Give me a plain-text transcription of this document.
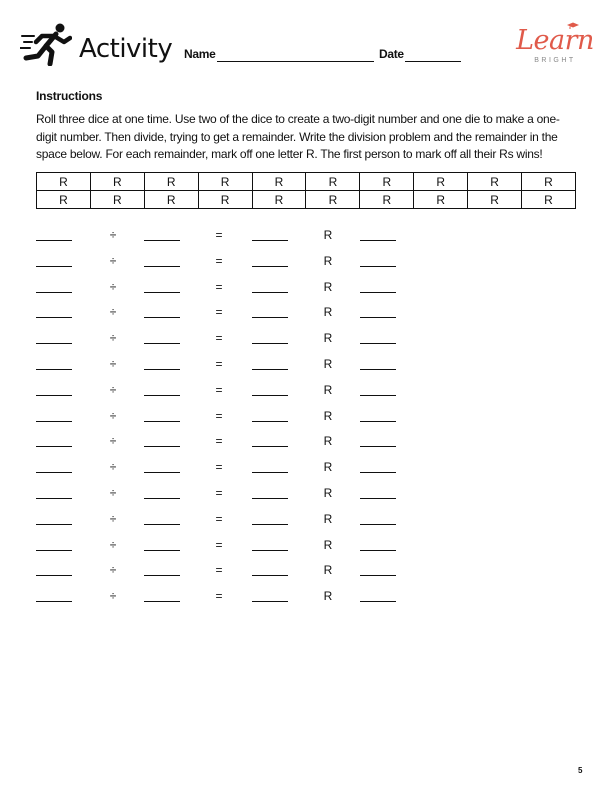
Activity Name	Date	Learn
BRIGHT
Instructions
Roll three dice at one time. Use two of the dice to create a two-digit number and one die to make a one-digit number. Then divide, trying to get a remainder. Write the division problem and the remainder in the space below. For each remainder, mark off one letter R. The first person to mark off all their Rs wins!
R	R	R	R	R	R	R	R	R	R
R	R	R	R	R	R	R	R	R	R
÷	=	R
÷	=	R
÷	=	R
÷	=	R
÷	=	R
÷	=	R
÷	=	R
÷	=	R
÷	=	R
÷	=	R
÷	=	R
÷	=	R
÷	=	R
÷	=	R
÷	=	R
5
